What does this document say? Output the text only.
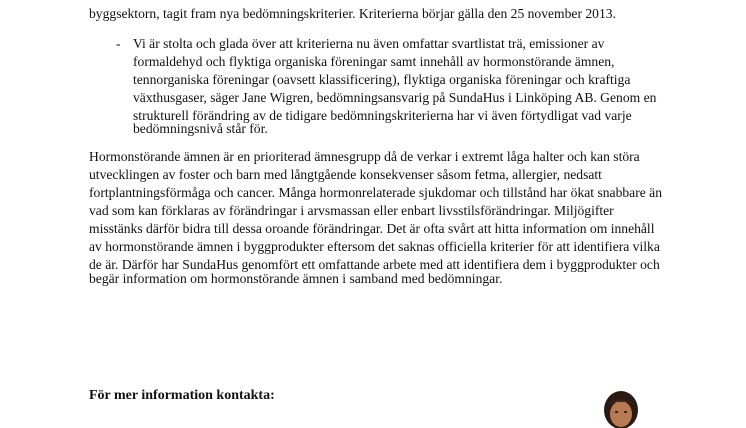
byggsektorn, tagit fram nya bedömningskriterier. Kriterierna börjar gälla den 25 november 2013.
- Vi är stolta och glada över att kriterierna nu även omfattar svartlistat trä, emissioner av
formaldehyd och flyktiga organiska föreningar samt innehåll av hormonstörande ämnen,
tennorganiska föreningar (oavsett klassificering), flyktiga organiska föreningar och kraftiga
växthusgaser, säger Jane Wigren, bedömningsansvarig på SundaHus i Linköping AB. Genom en
strukturell förändring av de tidigare bedömningskriterierna har vi även förtydligat vad varje
bedömningsnivå står för.
Hormonstörande ämnen är en prioriterad ämnesgrupp då de verkar i extremt låga halter och kan störa
utvecklingen av foster och barn med långtgående konsekvenser såsom fetma, allergier, nedsatt
fortplantningsförmåga och cancer. Många hormonrelaterade sjukdomar och tillstånd har ökat snabbare än
vad som kan förklaras av förändringar i arvsmassan eller enbart livsstilsförändringar. Miljögifter
misstänks därför bidra till dessa oroande förändringar. Det är ofta svårt att hitta information om innehåll
av hormonstörande ämnen i byggprodukter eftersom det saknas officiella kriterier för att identifiera vilka
de är. Därför har SundaHus genomfört ett omfattande arbete med att identifiera dem i byggprodukter och
begär information om hormonstörande ämnen i samband med bedömningar.
För mer information kontakta:
